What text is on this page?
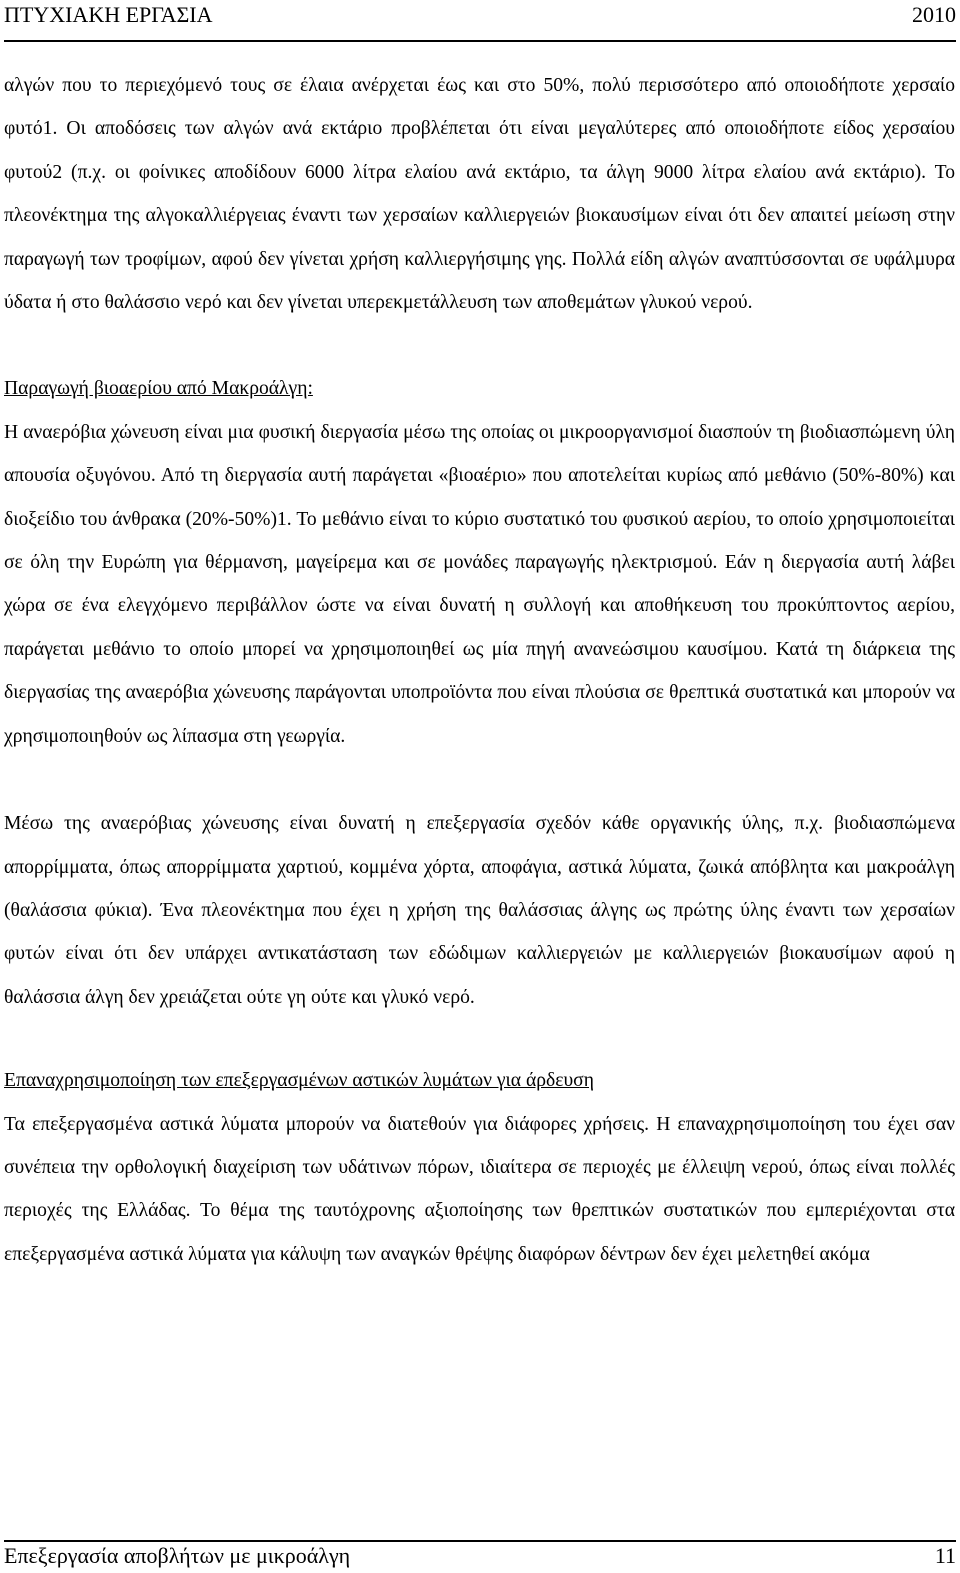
ΠΤΥΧΙΑΚΗ ΕΡΓΑΣΙΑ	2010

αλγών που το περιεχόμενό τους σε έλαια ανέρχεται έως και στο 50%, πολύ περισσότερο από οποιοδήποτε χερσαίο φυτό1. Οι αποδόσεις των αλγών ανά εκτάριο προβλέπεται ότι είναι μεγαλύτερες από οποιοδήποτε είδος χερσαίου φυτού2 (π.χ. οι φοίνικες αποδίδουν 6000 λίτρα ελαίου ανά εκτάριο, τα άλγη 9000 λίτρα ελαίου ανά εκτάριο). Το πλεονέκτημα της αλγοκαλλιέργειας έναντι των χερσαίων καλλιεργειών βιοκαυσίμων είναι ότι δεν απαιτεί μείωση στην παραγωγή των τροφίμων, αφού δεν γίνεται χρήση καλλιεργήσιμης γης. Πολλά είδη αλγών αναπτύσσονται σε υφάλμυρα ύδατα ή στο θαλάσσιο νερό και δεν γίνεται υπερεκμετάλλευση των αποθεμάτων γλυκού νερού.

Παραγωγή βιοαερίου από Μακροάλγη:

Η αναερόβια χώνευση είναι μια φυσική διεργασία μέσω της οποίας οι μικροοργανισμοί διασπούν τη βιοδιασπώμενη ύλη απουσία οξυγόνου. Από τη διεργασία αυτή παράγεται «βιοαέριο» που αποτελείται κυρίως από μεθάνιο (50%-80%) και διοξείδιο του άνθρακα (20%-50%)1. Το μεθάνιο είναι το κύριο συστατικό του φυσικού αερίου, το οποίο χρησιμοποιείται σε όλη την Ευρώπη για θέρμανση, μαγείρεμα και σε μονάδες παραγωγής ηλεκτρισμού. Εάν η διεργασία αυτή λάβει χώρα σε ένα ελεγχόμενο περιβάλλον ώστε να είναι δυνατή η συλλογή και αποθήκευση του προκύπτοντος αερίου, παράγεται μεθάνιο το οποίο μπορεί να χρησιμοποιηθεί ως μία πηγή ανανεώσιμου καυσίμου. Κατά τη διάρκεια της διεργασίας της αναερόβια χώνευσης παράγονται υποπροϊόντα που είναι πλούσια σε θρεπτικά συστατικά και μπορούν να χρησιμοποιηθούν ως λίπασμα στη γεωργία.

Μέσω της αναερόβιας χώνευσης είναι δυνατή η επεξεργασία σχεδόν κάθε οργανικής ύλης, π.χ. βιοδιασπώμενα απορρίμματα, όπως απορρίμματα χαρτιού, κομμένα χόρτα, αποφάγια, αστικά λύματα, ζωικά απόβλητα και μακροάλγη (θαλάσσια φύκια). Ένα πλεονέκτημα που έχει η χρήση της θαλάσσιας άλγης ως πρώτης ύλης έναντι των χερσαίων φυτών είναι ότι δεν υπάρχει αντικατάσταση των εδώδιμων καλλιεργειών με καλλιεργειών βιοκαυσίμων αφού η θαλάσσια άλγη δεν χρειάζεται ούτε γη ούτε και γλυκό νερό.

Επαναχρησιμοποίηση των επεξεργασμένων αστικών λυμάτων για άρδευση

Τα επεξεργασμένα αστικά λύματα μπορούν να διατεθούν για διάφορες χρήσεις. Η επαναχρησιμοποίηση του έχει σαν συνέπεια την ορθολογική διαχείριση των υδάτινων πόρων, ιδιαίτερα σε περιοχές με έλλειψη νερού, όπως είναι πολλές περιοχές της Ελλάδας. Το θέμα της ταυτόχρονης αξιοποίησης των θρεπτικών συστατικών που εμπεριέχονται στα επεξεργασμένα αστικά λύματα για κάλυψη των αναγκών θρέψης διαφόρων δέντρων δεν έχει μελετηθεί ακόμα

Επεξεργασία αποβλήτων με μικροάλγη	11
